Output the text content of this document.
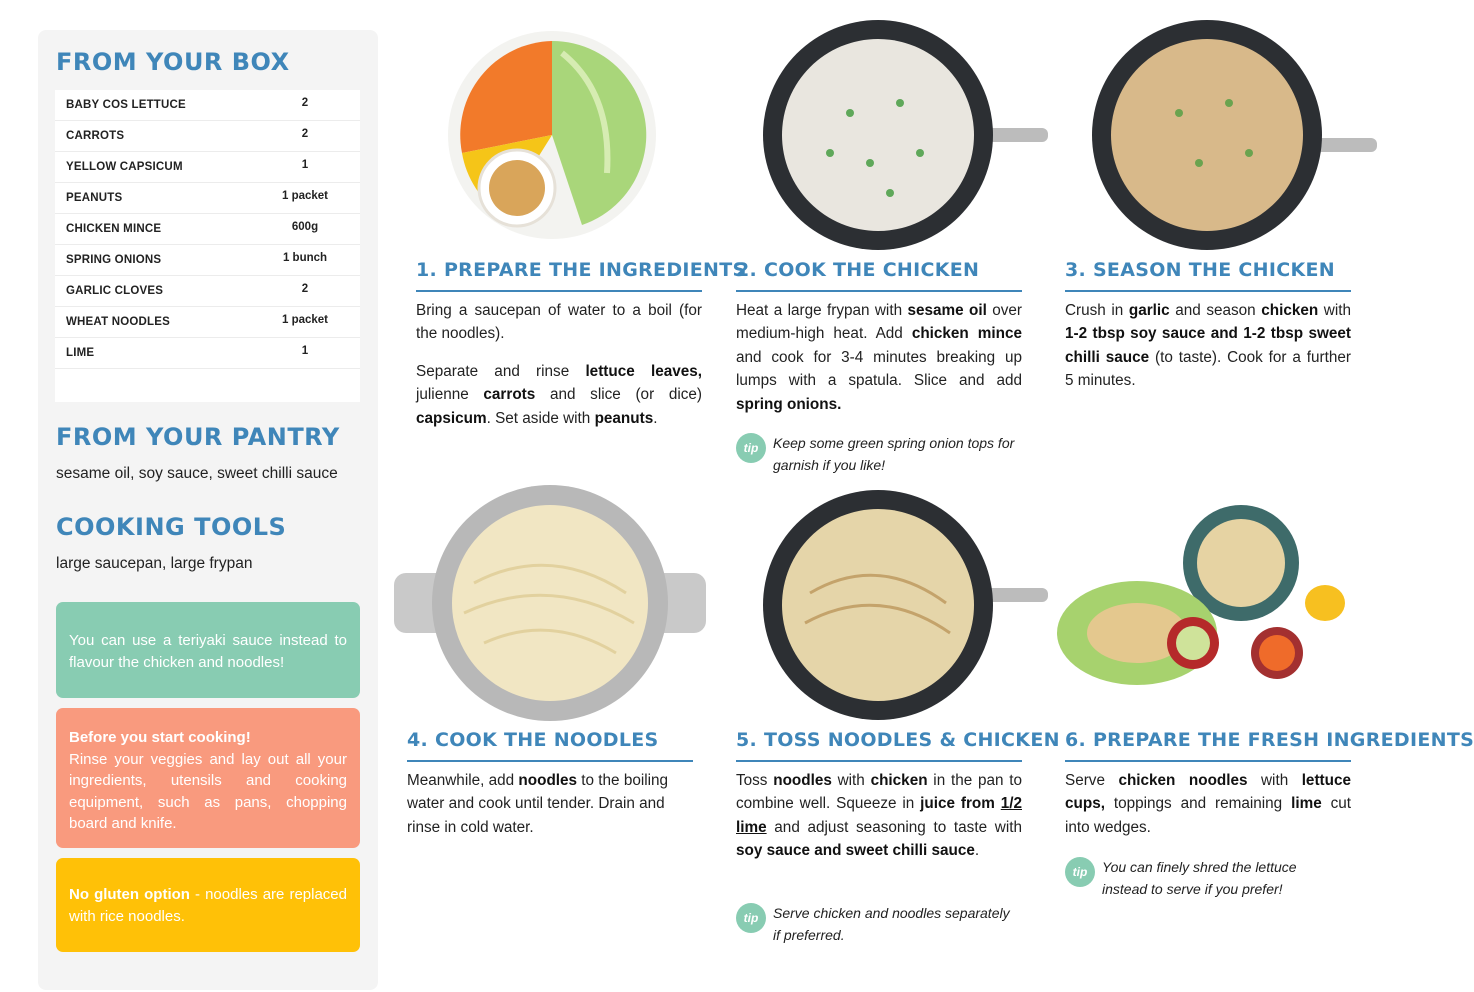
FROM YOUR BOX
BABY COS LETTUCE	2
CARROTS	2
YELLOW CAPSICUM	1
PEANUTS	1 packet
CHICKEN MINCE	600g
SPRING ONIONS	1 bunch
GARLIC CLOVES	2
WHEAT NOODLES	1 packet
LIME	1
FROM YOUR PANTRY
sesame oil, soy sauce, sweet chilli sauce
COOKING TOOLS
large saucepan, large frypan
You can use a teriyaki sauce instead to flavour the chicken and noodles!
Before you start cooking!
Rinse your veggies and lay out all your ingredients, utensils and cooking equipment, such as pans, chopping board and knife.
No gluten option - noodles are replaced with rice noodles.
1. PREPARE THE INGREDIENTS

Bring a saucepan of water to a boil (for the noodles).

Separate and rinse lettuce leaves, julienne carrots and slice (or dice) capsicum. Set aside with peanuts.

2. COOK THE CHICKEN

Heat a large frypan with sesame oil over medium-high heat. Add chicken mince and cook for 3-4 minutes breaking up lumps with a spatula. Slice and add spring onions.

tip	Keep some green spring onion tops for garnish if you like!
3. SEASON THE CHICKEN

Crush in garlic and season chicken with 1-2 tbsp soy sauce and 1-2 tbsp sweet chilli sauce (to taste). Cook for a further 5 minutes.

4. COOK THE NOODLES

Meanwhile, add noodles to the boiling water and cook until tender. Drain and rinse in cold water.

5. TOSS NOODLES & CHICKEN

Toss noodles with chicken in the pan to combine well. Squeeze in juice from 1/2 lime and adjust seasoning to taste with soy sauce and sweet chilli sauce.

tip	Serve chicken and noodles separately if preferred.
6. PREPARE THE FRESH INGREDIENTS

Serve chicken noodles with lettuce cups, toppings and remaining lime cut into wedges.

tip	You can finely shred the lettuce instead to serve if you prefer!
